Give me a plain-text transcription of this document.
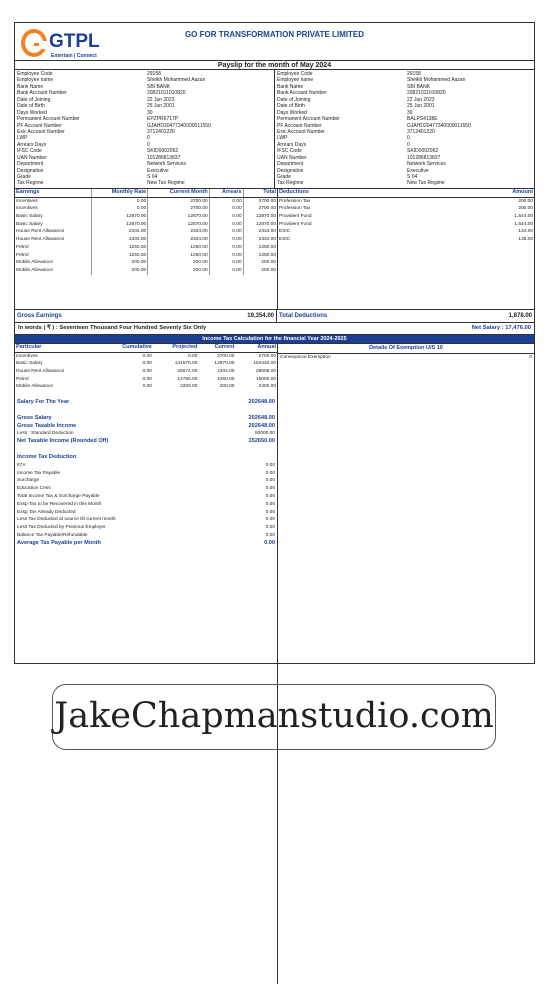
GTPL
Entertain | Connect
GO FOR TRANSFORMATION PRIVATE LIMITED
Payslip for the month of May 2024
Employee Code	29158
Employee name	Sheikh Mohammed Aazan
Bank Name	SBI BANK
Bank Account Number	20821011010820
Date of Joining	22 Jun 2023
Date of Birth	25 Jun 2001
Days Worked	30
Permanent Account Number	EPZPR6717P
PF Account Number	GJAHD20477340000011550
Esic Account Number	3712401220
LWP	0
Arrears Days	0
IFSC Code	SKID0002062
UAN Number	101286813837
Department	Network Services
Designation	Executive
Grade	S 04
Tax Regime	New Tax Regime
Employee Code	29158
Employee name	Sheikh Mohammed Aazan
Bank Name	SBI BANK
Bank Account Number	20821011010820
Date of Joining	22 Jun 2023
Date of Birth	25 Jun 2001
Days Worked	30
Permanent Account Number	BALPS4138E
PF Account Number	GJAHD20477340000011550
Esic Account Number	3712401220
LWP	0
Arrears Days	0
IFSC Code	SKID0002062
UAN Number	101286813837
Department	Network Services
Designation	Executive
Grade	S 04
Tax Regime	New Tax Regime
Earnings	Monthly Rate	Current Month	Arrears	Total
Incentives	0.00	2700.00	0.00	2700.00
Incentives	0.00	2700.00	0.00	2700.00
Basic Salary	12870.00	12870.00	0.00	12870.00
Basic Salary	12870.00	12870.00	0.00	12870.00
House Rent Allowance	2334.00	2334.00	0.00	2334.00
House Rent Allowance	2334.00	2334.00	0.00	2334.00
Petrol	1250.00	1250.00	0.00	1250.00
Petrol	1250.00	1250.00	0.00	1250.00
Mobile Allowance	200.00	200.00	0.00	200.00
Mobile Allowance	200.00	200.00	0.00	200.00
Deductions	Amount
Profession Tax	200.00
Profession Tax	200.00
Provident Fund	1,544.00
Provident Fund	1,544.00
ESIC	134.00
ESIC	135.00
Gross Earnings	19,354.00 Total Deductions	1,878.00
In words ( ₹ ) : Seventeen Thousand Four Hundred Seventy Six Only	Net Salary : 17,476.00
Income Tax Calculation for the financial Year 2024-2025
Particular	Cumulative	Projected	Current	Annual
Incentives	0.00	0.00	2700.00	2700.00
Basic Salary	0.00	141570.00	12870.00	154440.00
House Rent Allowance	0.00	25674.00	2334.00	28008.00
Petrol	0.00	13750.00	1250.00	15000.00
Mobile Allowance	0.00	2200.00	200.00	2400.00
Salary For The Year	202648.00
Gross Salary	202648.00
Gross Taxable Income	202648.00
Less : Standard Deduction	50000.00
Net Taxable Income (Rounded Off)	152650.00
Income Tax Deduction
87A	0.00
Income Tax Payable	0.00
Surcharge	0.00
Education Cess	0.00
Total Income Tax & Surcharge Payable	0.00
Exsp Tax to be Recovered in this Month	0.00
Exsp Tax Already Deducted	0.00
Less Tax Deducted at source till current month	0.00
Less Tax Deducted by Previous Employer	0.00
Balance Tax Payable/Refundable	0.00
Average Tax Payable per Month	0.00
Details Of Exemption U/S 10
Conveyance Exemption	0
JakeChapmanstudio.com
